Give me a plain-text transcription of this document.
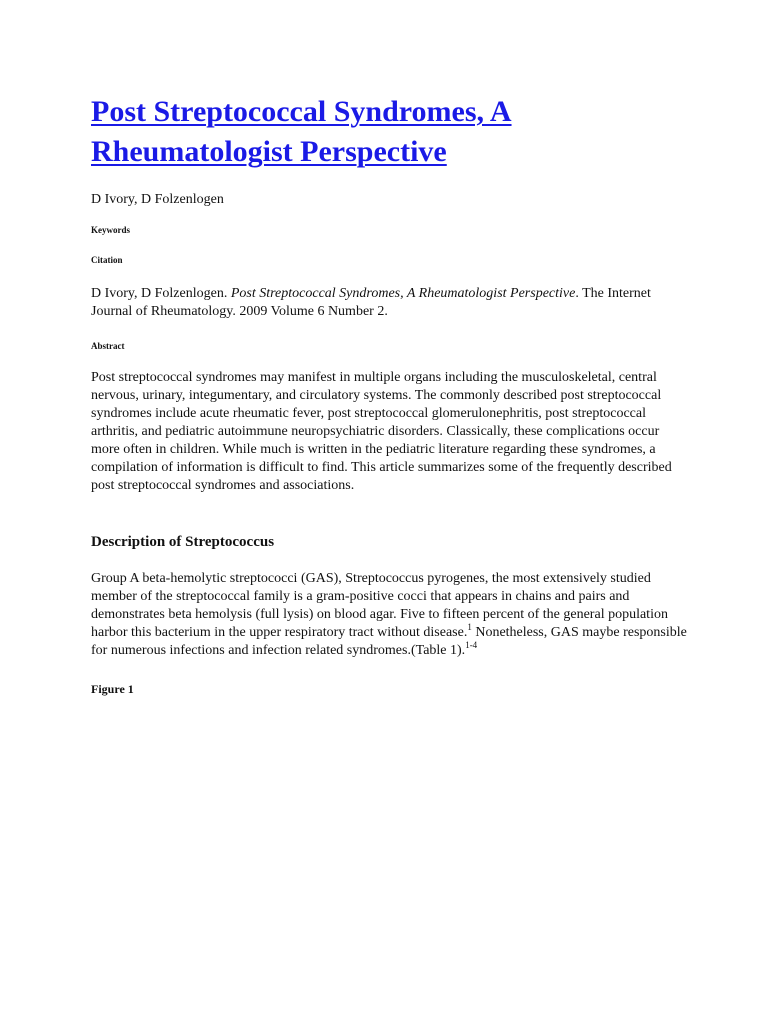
Post Streptococcal Syndromes, A Rheumatologist Perspective
D Ivory, D Folzenlogen
Keywords
Citation

D Ivory, D Folzenlogen. Post Streptococcal Syndromes, A Rheumatologist Perspective. The Internet Journal of Rheumatology. 2009 Volume 6 Number 2.

Abstract

Post streptococcal syndromes may manifest in multiple organs including the musculoskeletal, central nervous, urinary, integumentary, and circulatory systems. The commonly described post streptococcal syndromes include acute rheumatic fever, post streptococcal glomerulonephritis, post streptococcal arthritis, and pediatric autoimmune neuropsychiatric disorders. Classically, these complications occur more often in children. While much is written in the pediatric literature regarding these syndromes, a compilation of information is difficult to find. This article summarizes some of the frequently described post streptococcal syndromes and associations.

Description of Streptococcus

Group A beta-hemolytic streptococci (GAS), Streptococcus pyrogenes, the most extensively studied member of the streptococcal family is a gram-positive cocci that appears in chains and pairs and demonstrates beta hemolysis (full lysis) on blood agar. Five to fifteen percent of the general population harbor this bacterium in the upper respiratory tract without disease.$^1$ Nonetheless, GAS maybe responsible for numerous infections and infection related syndromes.(Table 1).$^{1-4}$

Figure 1
